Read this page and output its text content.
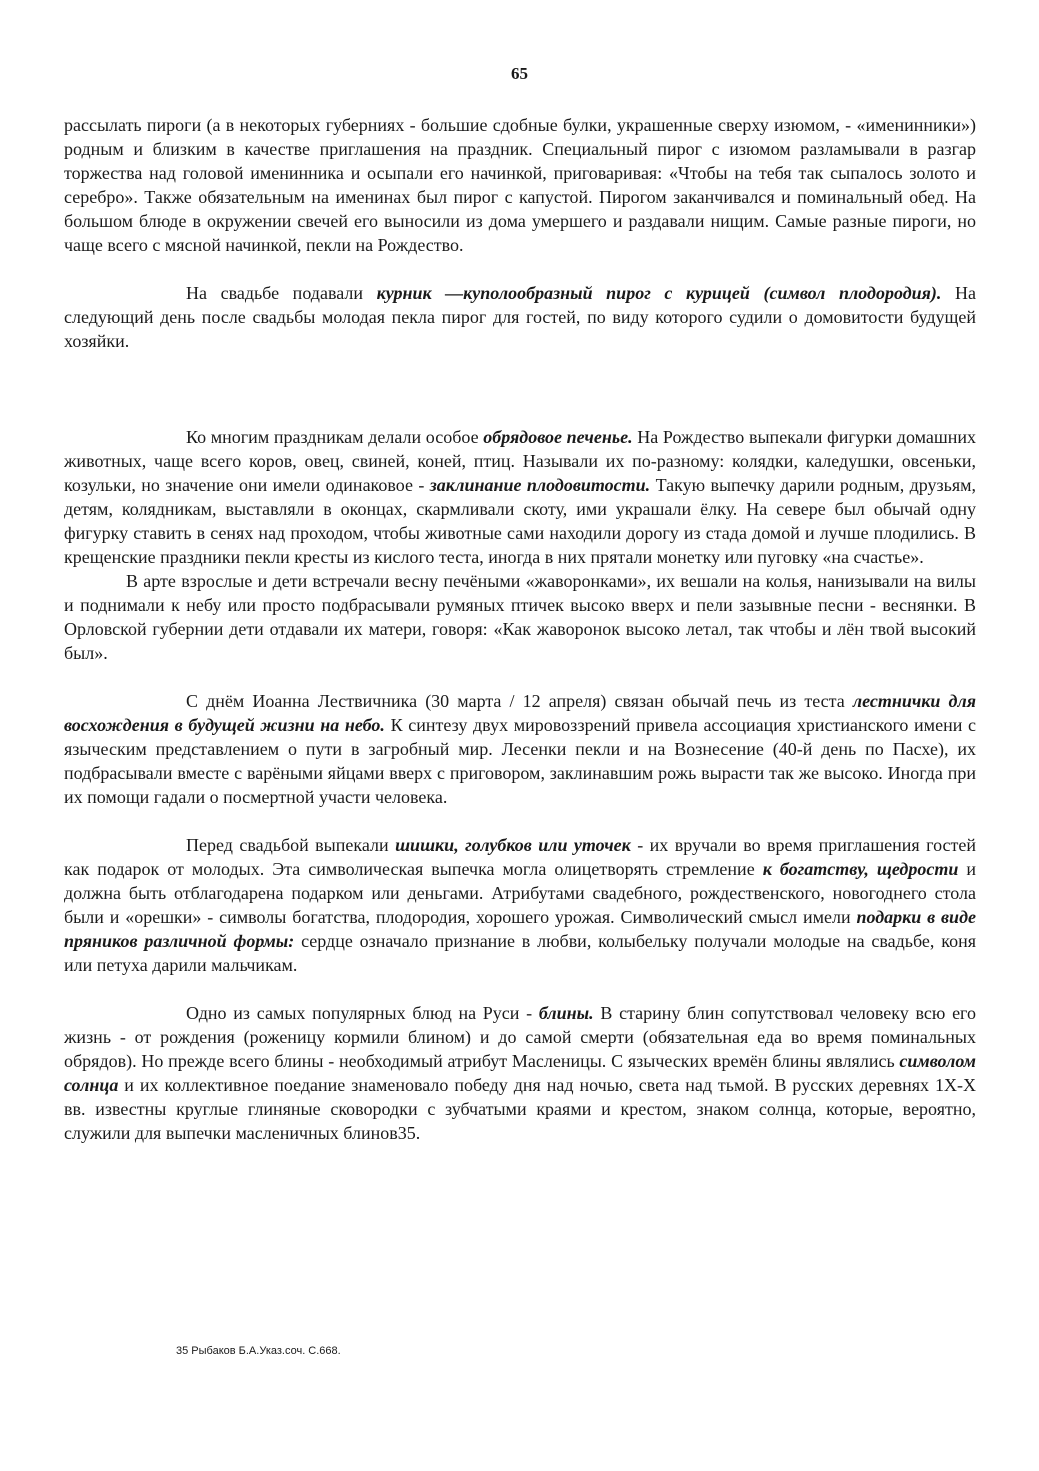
65

рассылать пироги (а в некоторых губерниях - большие сдобные булки, украшенные сверху изюмом, - «именинники») родным и близким в качестве приглашения на праздник. Специальный пирог с изюмом разламывали в разгар торжества над головой именинника и осыпали его начинкой, приговаривая: «Чтобы на тебя так сыпалось золото и серебро». Также обязательным на именинах был пирог с капустой. Пирогом заканчивался и поминальный обед. На большом блюде в окружении свечей его выносили из дома умершего и раздавали нищим. Самые разные пироги, но чаще всего с мясной начинкой, пекли на Рождество.

На свадьбе подавали курник —куполообразный пирог с курицей (символ плодородия). На следующий день после свадьбы молодая пекла пирог для гостей, по виду которого судили о домовитости будущей хозяйки.

Ко многим праздникам делали особое обрядовое печенье. На Рождество выпекали фигурки домашних животных, чаще всего коров, овец, свиней, коней, птиц. Называли их по-разному: колядки, каледушки, овсеньки, козульки, но значение они имели одинаковое - заклинание плодовитости. Такую выпечку дарили родным, друзьям, детям, колядникам, выставляли в оконцах, скармливали скоту, ими украшали ёлку. На севере был обычай одну фигурку ставить в сенях над проходом, чтобы животные сами находили дорогу из стада домой и лучше плодились. В крещенские праздники пекли кресты из кислого теста, иногда в них прятали монетку или пуговку «на счастье».

В арте взрослые и дети встречали весну печёными «жаворонками», их вешали на колья, нанизывали на вилы и поднимали к небу или просто подбрасывали румяных птичек высоко вверх и пели зазывные песни - веснянки. В Орловской губернии дети отдавали их матери, говоря: «Как жаворонок высоко летал, так чтобы и лён твой высокий был».

С днём Иоанна Лествичника (30 марта / 12 апреля) связан обычай печь из теста лестнички для восхождения в будущей жизни на небо. К синтезу двух мировоззрений привела ассоциация христианского имени с языческим представлением о пути в загробный мир. Лесенки пекли и на Вознесение (40-й день по Пасхе), их подбрасывали вместе с варёными яйцами вверх с приговором, заклинавшим рожь вырасти так же высоко. Иногда при их помощи гадали о посмертной участи человека.

Перед свадьбой выпекали шишки, голубков или уточек - их вручали во время приглашения гостей как подарок от молодых. Эта символическая выпечка могла олицетворять стремление к богатству, щедрости и должна быть отблагодарена подарком или деньгами. Атрибутами свадебного, рождественского, новогоднего стола были и «орешки» - символы богатства, плодородия, хорошего урожая. Символический смысл имели подарки в виде пряников различной формы: сердце означало признание в любви, колыбельку получали молодые на свадьбе, коня или петуха дарили мальчикам.

Одно из самых популярных блюд на Руси - блины. В старину блин сопутствовал человеку всю его жизнь - от рождения (роженицу кормили блином) и до самой смерти (обязательная еда во время поминальных обрядов). Но прежде всего блины - необходимый атрибут Масленицы. С языческих времён блины являлись символом солнца и их коллективное поедание знаменовало победу дня над ночью, света над тьмой. В русских деревнях 1Х-Х вв. известны круглые глиняные сковородки с зубчатыми краями и крестом, знаком солнца, которые, вероятно, служили для выпечки масленичных блинов35.

35 Рыбаков Б.А.Указ.соч. С.668.
